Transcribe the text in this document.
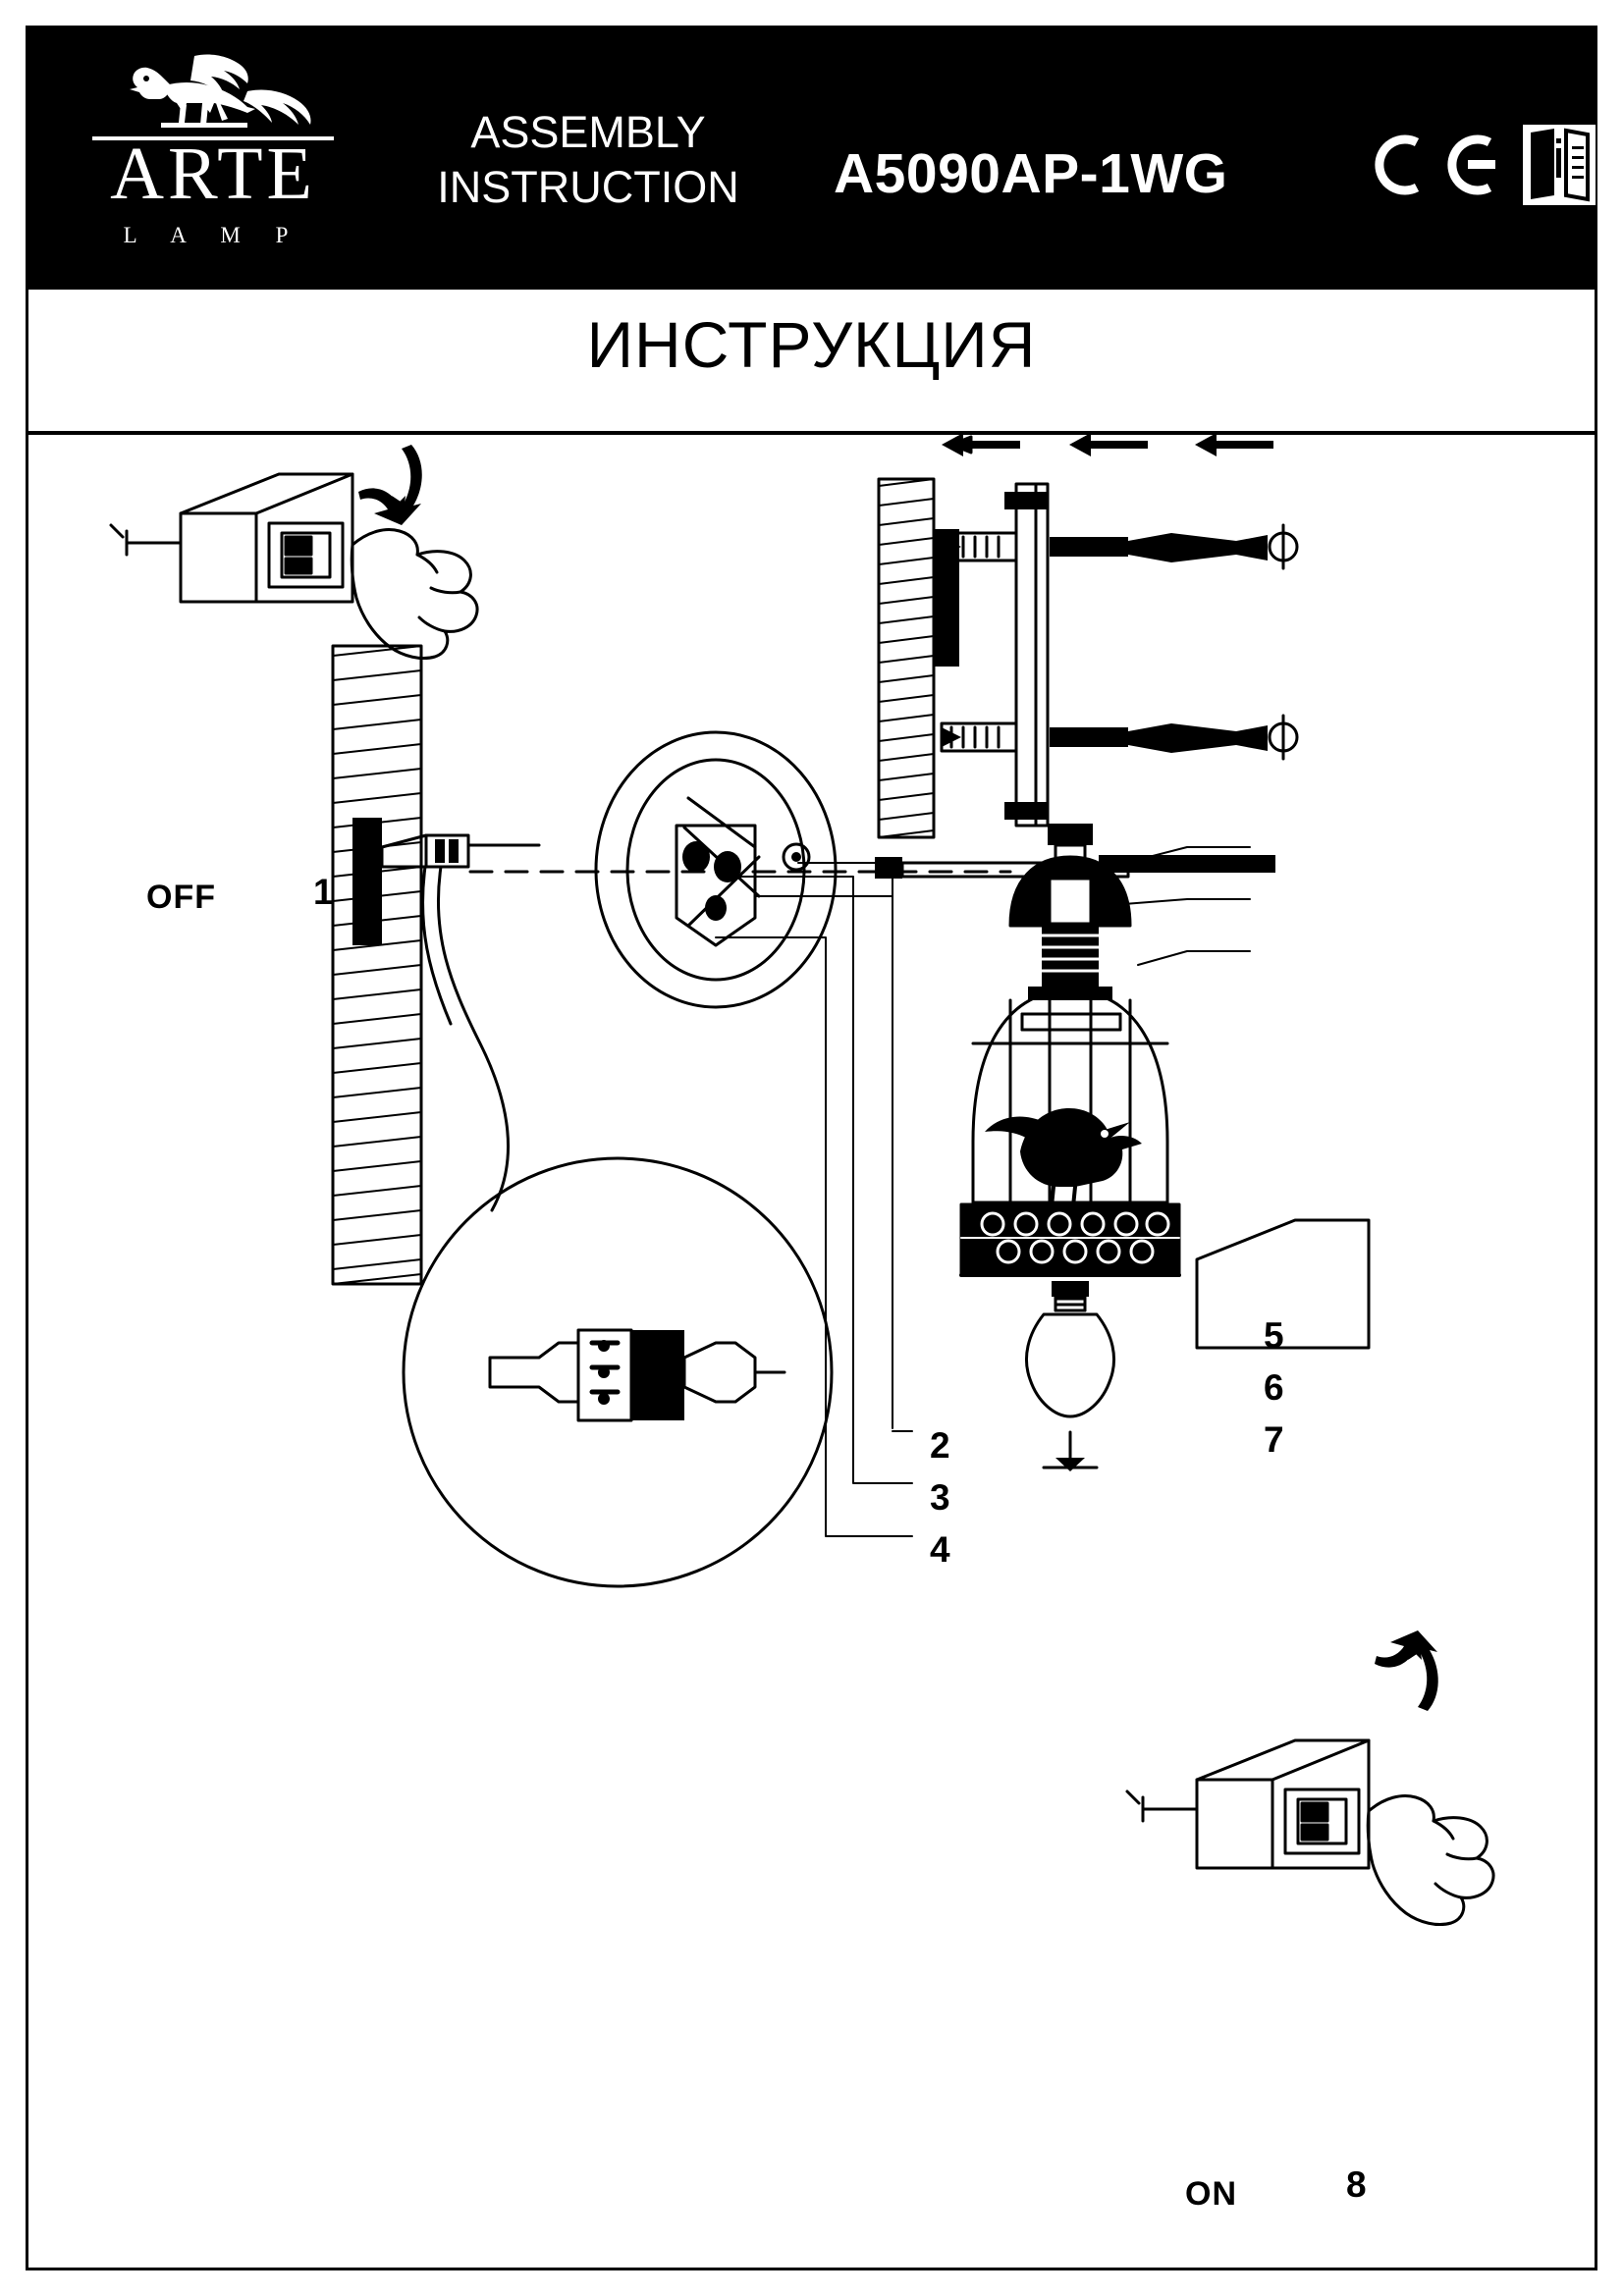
ARTE
L A M P
ASSEMBLY
INSTRUCTION	A5090AP-1WG
ИНСТРУКЦИЯ
OFF	1
2
3
4
5
6
7
ON	8
